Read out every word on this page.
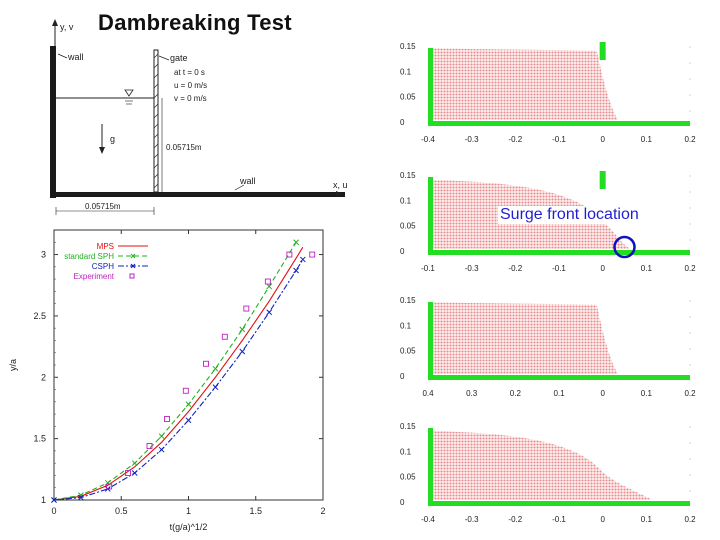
Dambreaking Test
y, v
wall
x, u
gate
at t = 0 s
u = 0 m/s
v = 0 m/s
g
0.05715m
wall
0.05715m
0	0.5	1	1.5	2
1
1.5
2
2.5
3
t(g/a)^1/2
y/a
MPS
standard SPH
CSPH
Experiment
0
0.05
0.1
0.15
-0.4	-0.3	-0.2	-0.1	0	0.1	0.2
0
0.05
0.1
0.15
-0.1	-0.3	-0.2	-0.1	0	0.1	0.2
0
0.05
0.1
0.15
0.4	0.3	0.2	0.1	0	0.1	0.2
0
0.05
0.1
0.15
-0.4	-0.3	-0.2	-0.1	0	0.1	0.2
Surge front location
